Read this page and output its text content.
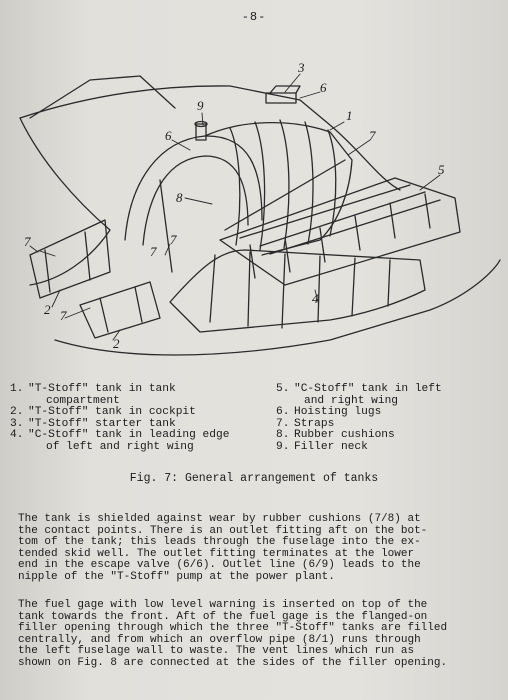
-8-
9
3
6
6
1
7
5
8
4
7	7
2 7
2
7
1. "T-Stoff" tank in tank
compartment
2. "T-Stoff" tank in cockpit
3. "T-Stoff" starter tank
4. "C-Stoff" tank in leading edge
of left and right wing
5. "C-Stoff" tank in left
and right wing
6. Hoisting lugs
7. Straps
8. Rubber cushions
9. Filler neck
Fig. 7: General arrangement of tanks

The tank is shielded against wear by rubber cushions (7/8) at
the contact points. There is an outlet fitting aft on the bot-
tom of the tank; this leads through the fuselage into the ex-
tended skid well. The outlet fitting terminates at the lower
end in the escape valve (6/6). Outlet line (6/9) leads to the
nipple of the "T-Stoff" pump at the power plant.

The fuel gage with low level warning is inserted on top of the
tank towards the front. Aft of the fuel gage is the flanged-on
filler opening through which the three "T-Stoff" tanks are filled
centrally, and from which an overflow pipe (8/1) runs through
the left fuselage wall to waste. The vent lines which run as
shown on Fig. 8 are connected at the sides of the filler opening.
